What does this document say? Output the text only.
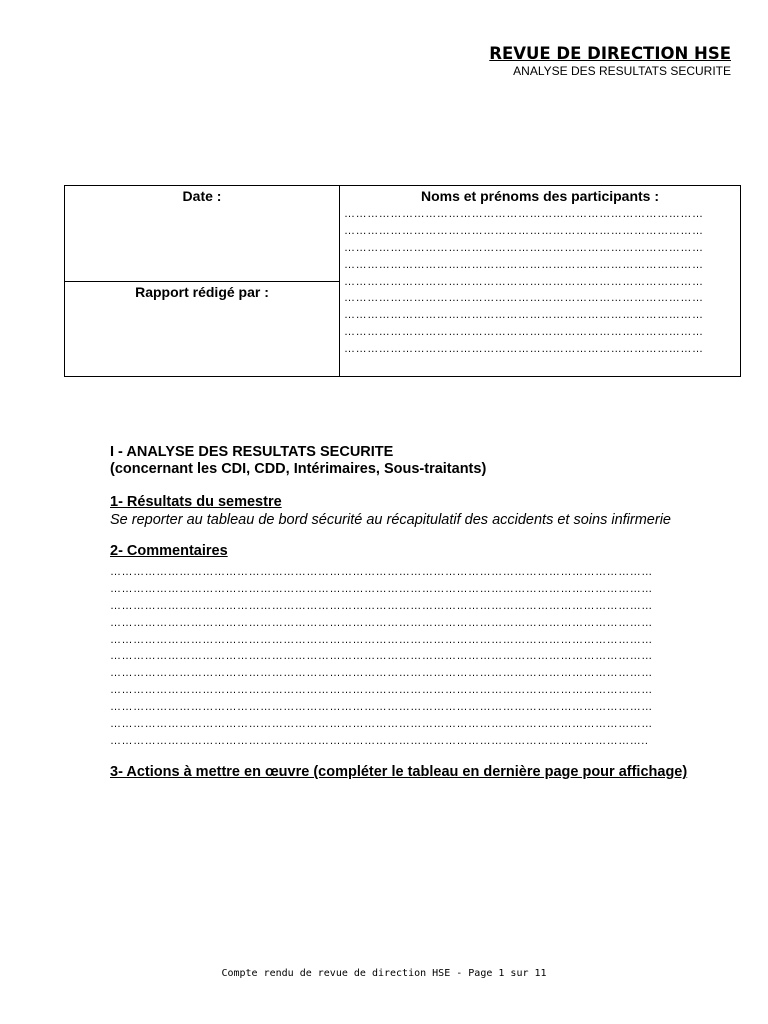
REVUE DE DIRECTION HSE
ANALYSE DES RESULTATS SECURITE
Date :	Noms et prénoms des participants :
…………………………………………………………………………………
…………………………………………………………………………………
…………………………………………………………………………………
…………………………………………………………………………………
…………………………………………………………………………………
…………………………………………………………………………………
…………………………………………………………………………………
…………………………………………………………………………………
…………………………………………………………………………………

Rapport rédigé par :
I - ANALYSE DES RESULTATS SECURITE
(concernant les CDI, CDD, Intérimaires, Sous-traitants)
1- Résultats du semestre
Se reporter au tableau de bord sécurité au récapitulatif des accidents et soins infirmerie
2- Commentaires
……………………………………………………………………………………………………………………………
……………………………………………………………………………………………………………………………
……………………………………………………………………………………………………………………………
……………………………………………………………………………………………………………………………
……………………………………………………………………………………………………………………………
……………………………………………………………………………………………………………………………
……………………………………………………………………………………………………………………………
……………………………………………………………………………………………………………………………
……………………………………………………………………………………………………………………………
……………………………………………………………………………………………………………………………
…………………………………………………………………………………………………………………………..
3- Actions à mettre en œuvre (compléter le tableau en dernière page pour affichage)
Compte rendu de revue de direction HSE - Page 1 sur 11
